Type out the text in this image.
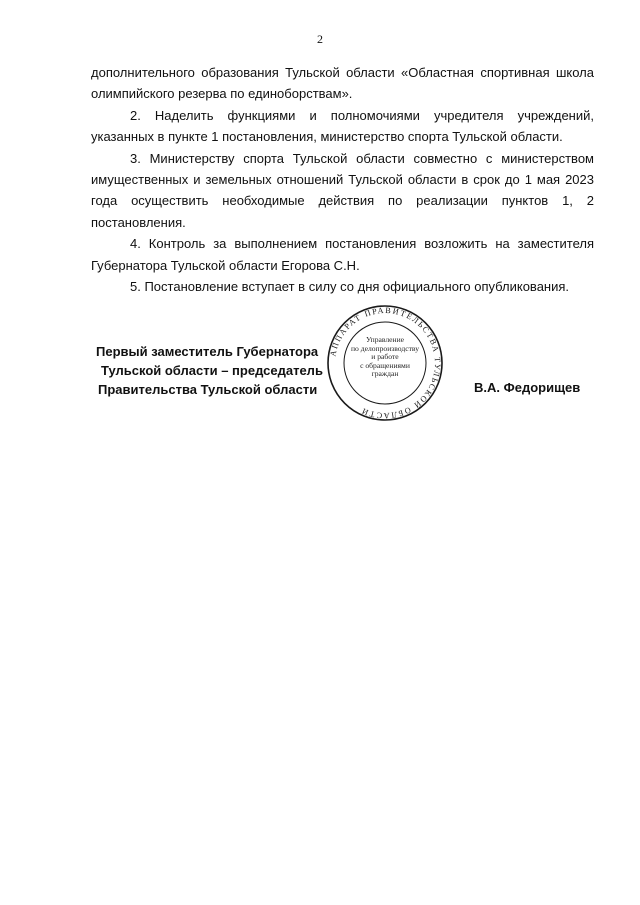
2

дополнительного образования Тульской области «Областная спортивная школа олимпийского резерва по единоборствам».

2. Наделить функциями и полномочиями учредителя учреждений, указанных в пункте 1 постановления, министерство спорта Тульской области.

3. Министерству спорта Тульской области совместно с министерством имущественных и земельных отношений Тульской области в срок до 1 мая 2023 года осуществить необходимые действия по реализации пунктов 1, 2 постановления.

4. Контроль за выполнением постановления возложить на заместителя Губернатора Тульской области Егорова С.Н.

5. Постановление вступает в силу со дня официального опубликования.

Первый заместитель Губернатора
Тульской области – председатель
Правительства Тульской области
АППАРАТ ПРАВИТЕЛЬСТВА ТУЛЬСКОЙ ОБЛАСТИ
Управление
по делопроизводству
и работе
с обращениями
граждан
В.А. Федорищев
